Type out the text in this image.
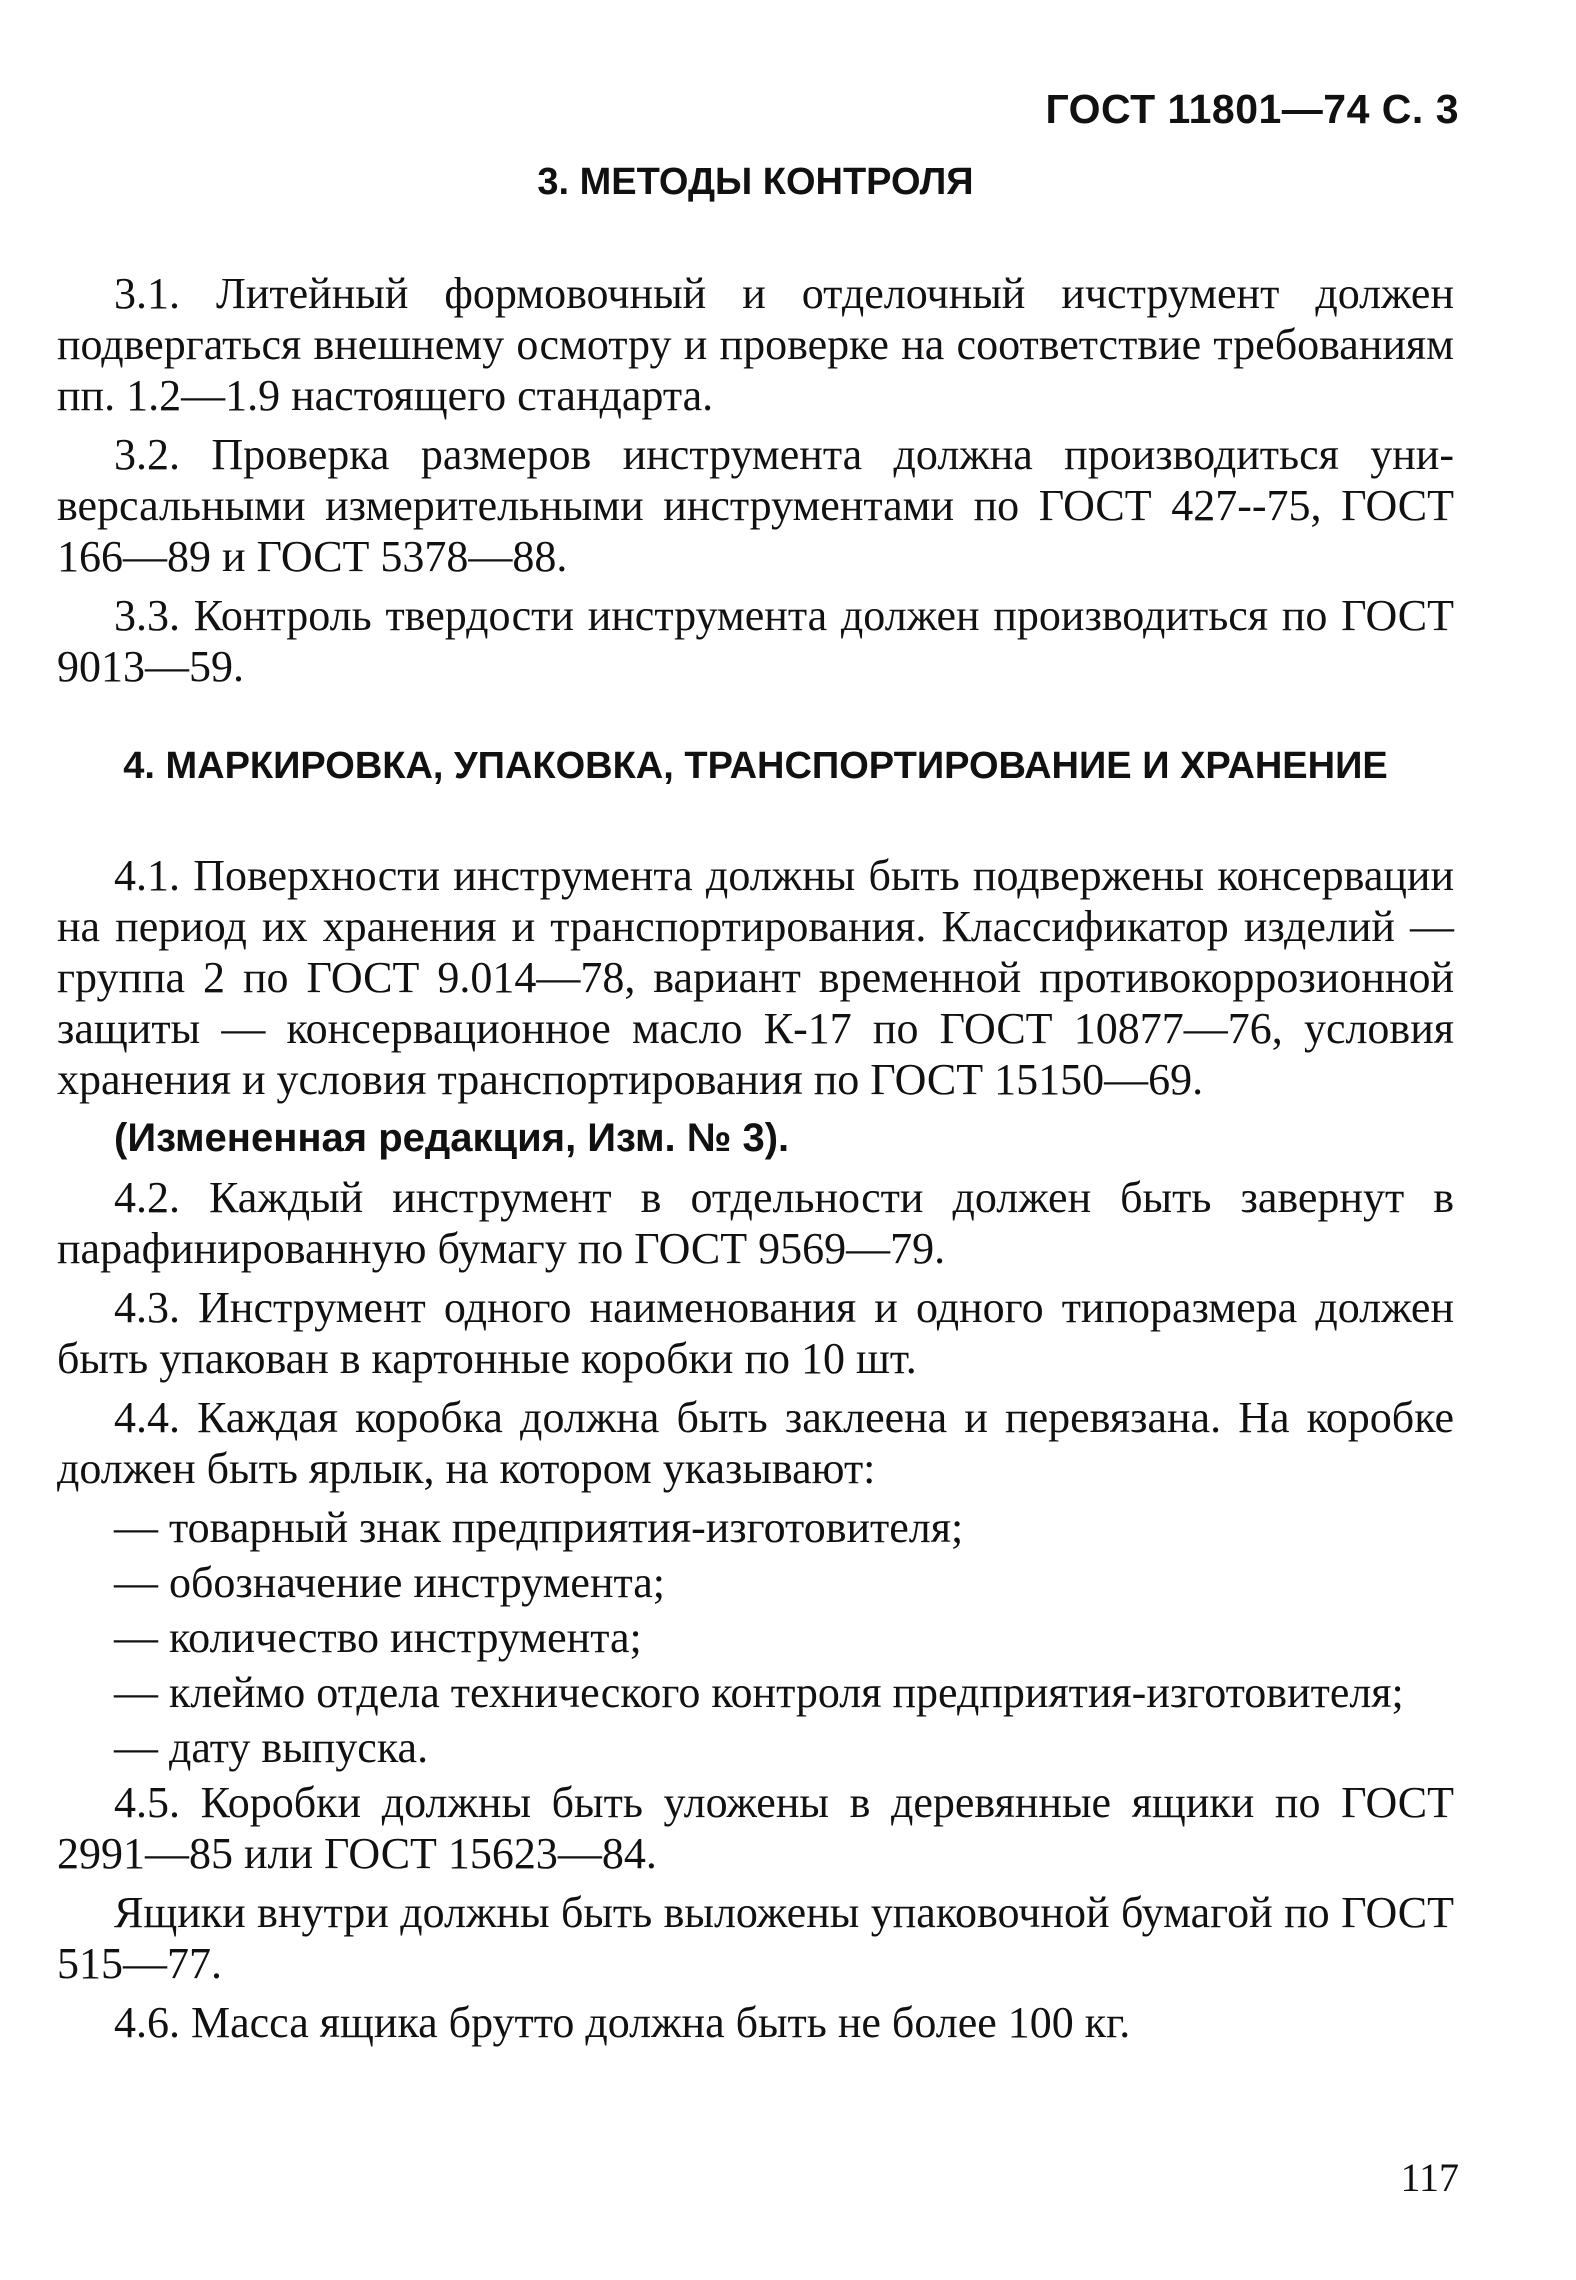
ГОСТ 11801—74 С. 3
3. МЕТОДЫ КОНТРОЛЯ

3.1. Литейный формовочный и отделочный ичструмент должен подвергаться внешнему осмотру и проверке на соответствие требованиям пп. 1.2—1.9 настоящего стандарта.

3.2. Проверка размеров инструмента должна производиться универсальными измерительными инструментами по ГОСТ 427--75, ГОСТ 166—89 и ГОСТ 5378—88.

3.3. Контроль твердости инструмента должен производиться по ГОСТ 9013—59.

4. МАРКИРОВКА, УПАКОВКА, ТРАНСПОРТИРОВАНИЕ И ХРАНЕНИЕ

4.1. Поверхности инструмента должны быть подвержены консервации на период их хранения и транспортирования. Классификатор изделий — группа 2 по ГОСТ 9.014—78, вариант временной противокоррозионной защиты — консервационное масло К-17 по ГОСТ 10877—76, условия хранения и условия транспортирования по ГОСТ 15150—69.

(Измененная редакция, Изм. № 3).

4.2. Каждый инструмент в отдельности должен быть завернут в парафинированную бумагу по ГОСТ 9569—79.

4.3. Инструмент одного наименования и одного типоразмера должен быть упакован в картонные коробки по 10 шт.

4.4. Каждая коробка должна быть заклеена и перевязана. На коробке должен быть ярлык, на котором указывают:

— товарный знак предприятия-изготовителя;

— обозначение инструмента;

— количество инструмента;

— клеймо отдела технического контроля предприятия-изготовителя;

— дату выпуска.

4.5. Коробки должны быть уложены в деревянные ящики по ГОСТ 2991—85 или ГОСТ 15623—84.

Ящики внутри должны быть выложены упаковочной бумагой по ГОСТ 515—77.

4.6. Масса ящика брутто должна быть не более 100 кг.

117
